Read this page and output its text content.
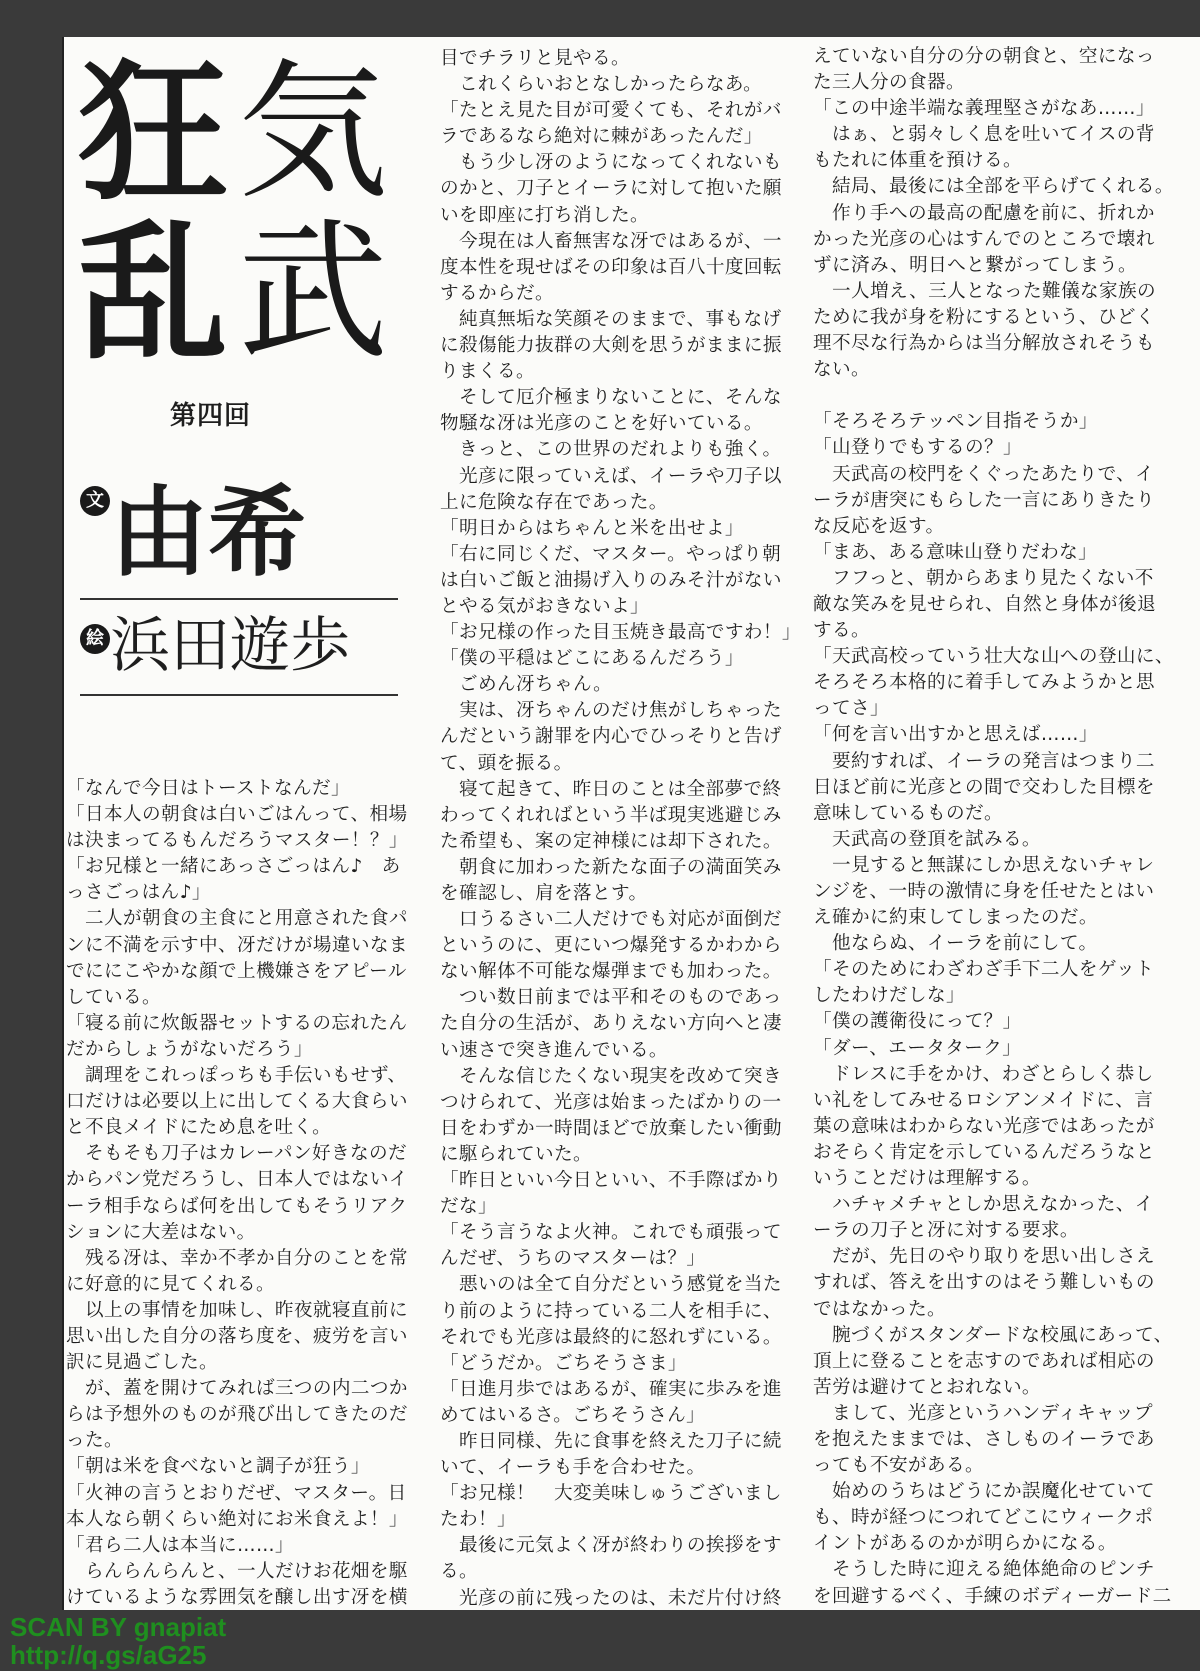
狂 気
乱 武
第四回
文 由希
絵 浜田遊歩
「なんで今日はトーストなんだ」
「日本人の朝食は白いごはんって、相場
は決まってるもんだろうマスター！？」
「お兄様と一緒にあっさごっはん♪　あ
っさごっはん♪」
　二人が朝食の主食にと用意された食パ
ンに不満を示す中、冴だけが場違いなま
でににこやかな顔で上機嫌さをアピール
している。
「寝る前に炊飯器セットするの忘れたん
だからしょうがないだろう」
　調理をこれっぽっちも手伝いもせず、
口だけは必要以上に出してくる大食らい
と不良メイドにため息を吐く。
　そもそも刀子はカレーパン好きなのだ
からパン党だろうし、日本人ではないイ
ーラ相手ならば何を出してもそうリアク
ションに大差はない。
　残る冴は、幸か不孝か自分のことを常
に好意的に見てくれる。
　以上の事情を加味し、昨夜就寝直前に
思い出した自分の落ち度を、疲労を言い
訳に見過ごした。
　が、蓋を開けてみれば三つの内二つか
らは予想外のものが飛び出してきたのだ
った。
「朝は米を食べないと調子が狂う」
「火神の言うとおりだぜ、マスター。日
本人なら朝くらい絶対にお米食えよ！」
「君ら二人は本当に……」
　らんらんらんと、一人だけお花畑を駆
けているような雰囲気を醸し出す冴を横
目でチラリと見やる。
　これくらいおとなしかったらなあ。
「たとえ見た目が可愛くても、それがバ
ラであるなら絶対に棘があったんだ」
　もう少し冴のようになってくれないも
のかと、刀子とイーラに対して抱いた願
いを即座に打ち消した。
　今現在は人畜無害な冴ではあるが、一
度本性を現せばその印象は百八十度回転
するからだ。
　純真無垢な笑顔そのままで、事もなげ
に殺傷能力抜群の大剣を思うがままに振
りまくる。
　そして厄介極まりないことに、そんな
物騒な冴は光彦のことを好いている。
　きっと、この世界のだれよりも強く。
　光彦に限っていえば、イーラや刀子以
上に危険な存在であった。
「明日からはちゃんと米を出せよ」
「右に同じくだ、マスター。やっぱり朝
は白いご飯と油揚げ入りのみそ汁がない
とやる気がおきないよ」
「お兄様の作った目玉焼き最高ですわ！」
「僕の平穏はどこにあるんだろう」
　ごめん冴ちゃん。
　実は、冴ちゃんのだけ焦がしちゃった
んだという謝罪を内心でひっそりと告げ
て、頭を振る。
　寝て起きて、昨日のことは全部夢で終
わってくれればという半ば現実逃避じみ
た希望も、案の定神様には却下された。
　朝食に加わった新たな面子の満面笑み
を確認し、肩を落とす。
　口うるさい二人だけでも対応が面倒だ
というのに、更にいつ爆発するかわから
ない解体不可能な爆弾までも加わった。
　つい数日前までは平和そのものであっ
た自分の生活が、ありえない方向へと凄
い速さで突き進んでいる。
　そんな信じたくない現実を改めて突き
つけられて、光彦は始まったばかりの一
日をわずか一時間ほどで放棄したい衝動
に駆られていた。
「昨日といい今日といい、不手際ばかり
だな」
「そう言うなよ火神。これでも頑張って
んだぜ、うちのマスターは？」
　悪いのは全て自分だという感覚を当た
り前のように持っている二人を相手に、
それでも光彦は最終的に怒れずにいる。
「どうだか。ごちそうさま」
「日進月歩ではあるが、確実に歩みを進
めてはいるさ。ごちそうさん」
　昨日同様、先に食事を終えた刀子に続
いて、イーラも手を合わせた。
「お兄様！　大変美味しゅうございまし
たわ！」
　最後に元気よく冴が終わりの挨拶をす
る。
　光彦の前に残ったのは、未だ片付け終
えていない自分の分の朝食と、空になっ
た三人分の食器。
「この中途半端な義理堅さがなあ……」
　はぁ、と弱々しく息を吐いてイスの背
もたれに体重を預ける。
　結局、最後には全部を平らげてくれる。
　作り手への最高の配慮を前に、折れか
かった光彦の心はすんでのところで壊れ
ずに済み、明日へと繋がってしまう。
　一人増え、三人となった難儀な家族の
ために我が身を粉にするという、ひどく
理不尽な行為からは当分解放されそうも
ない。
「そろそろテッペン目指そうか」
「山登りでもするの？」
　天武高の校門をくぐったあたりで、イ
ーラが唐突にもらした一言にありきたり
な反応を返す。
「まあ、ある意味山登りだわな」
　フフっと、朝からあまり見たくない不
敵な笑みを見せられ、自然と身体が後退
する。
「天武高校っていう壮大な山への登山に、
そろそろ本格的に着手してみようかと思
ってさ」
「何を言い出すかと思えば……」
　要約すれば、イーラの発言はつまり二
日ほど前に光彦との間で交わした目標を
意味しているものだ。
　天武高の登頂を試みる。
　一見すると無謀にしか思えないチャレ
ンジを、一時の激情に身を任せたとはい
え確かに約束してしまったのだ。
　他ならぬ、イーラを前にして。
「そのためにわざわざ手下二人をゲット
したわけだしな」
「僕の護衛役にって？」
「ダー、エータターク」
　ドレスに手をかけ、わざとらしく恭し
い礼をしてみせるロシアンメイドに、言
葉の意味はわからない光彦ではあったが
おそらく肯定を示しているんだろうなと
いうことだけは理解する。
　ハチャメチャとしか思えなかった、イ
ーラの刀子と冴に対する要求。
　だが、先日のやり取りを思い出しさえ
すれば、答えを出すのはそう難しいもの
ではなかった。
　腕づくがスタンダードな校風にあって、
頂上に登ることを志すのであれば相応の
苦労は避けてとおれない。
　まして、光彦というハンディキャップ
を抱えたままでは、さしものイーラであ
っても不安がある。
　始めのうちはどうにか誤魔化せていて
も、時が経つにつれてどこにウィークポ
イントがあるのかが明らかになる。
　そうした時に迎える絶体絶命のピンチ
を回避するべく、手練のボディーガード二
SCAN BY gnapiat
http://q.gs/aG25
